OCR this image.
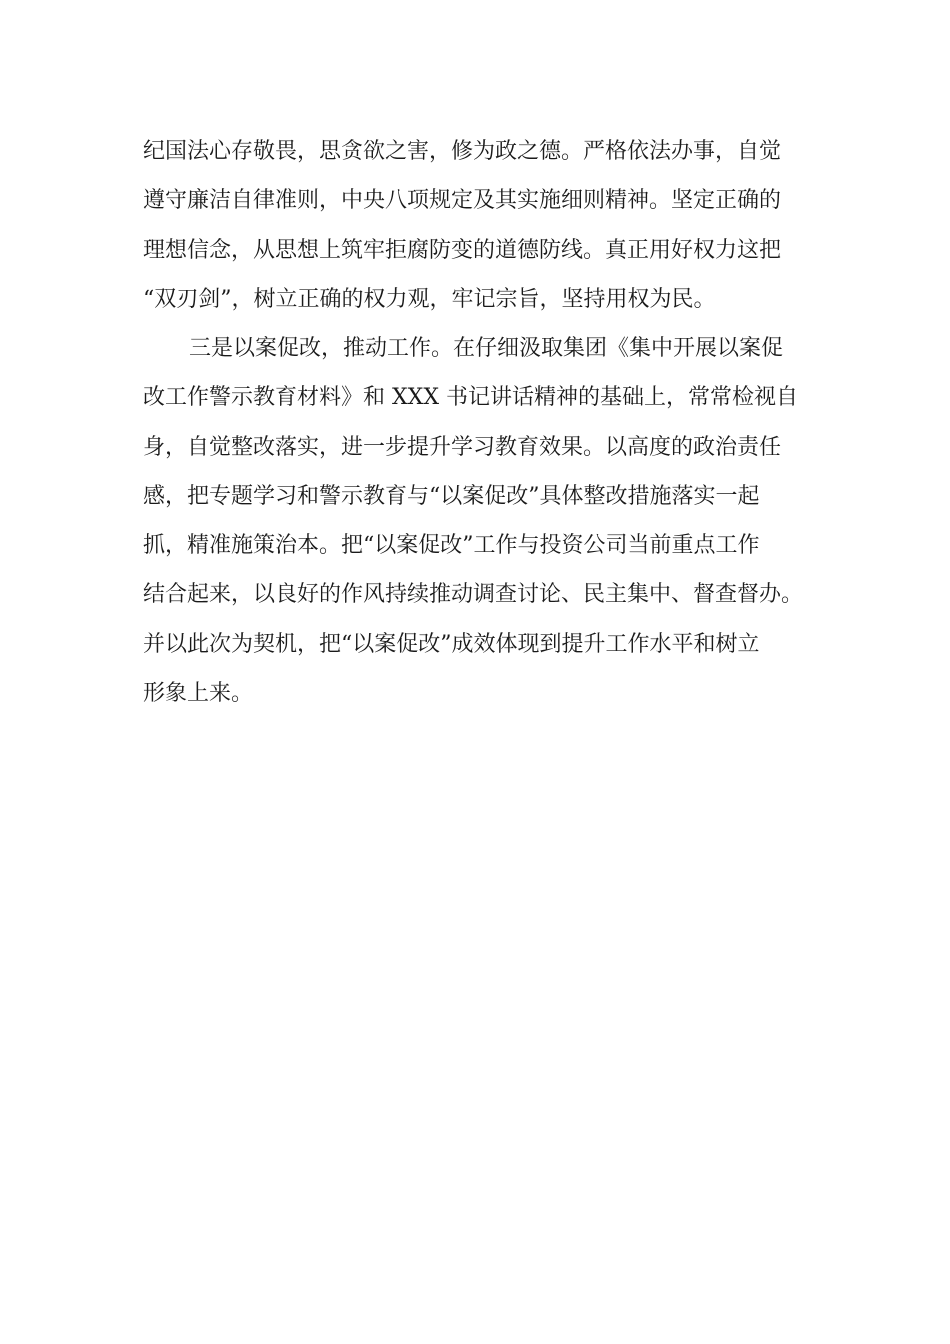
纪国法心存敬畏，思贪欲之害，修为政之德。严格依法办事，自觉
遵守廉洁自律准则，中央八项规定及其实施细则精神。坚定正确的
理想信念，从思想上筑牢拒腐防变的道德防线。真正用好权力这把
“双刃剑”，树立正确的权力观，牢记宗旨，坚持用权为民。
三是以案促改，推动工作。在仔细汲取集团《集中开展以案促
改工作警示教育材料》和 XXX 书记讲话精神的基础上，常常检视自
身，自觉整改落实，进一步提升学习教育效果。以高度的政治责任
感，把专题学习和警示教育与“以案促改”具体整改措施落实一起
抓，精准施策治本。把“以案促改”工作与投资公司当前重点工作
结合起来，以良好的作风持续推动调查讨论、民主集中、督查督办。
并以此次为契机，把“以案促改”成效体现到提升工作水平和树立
形象上来。
